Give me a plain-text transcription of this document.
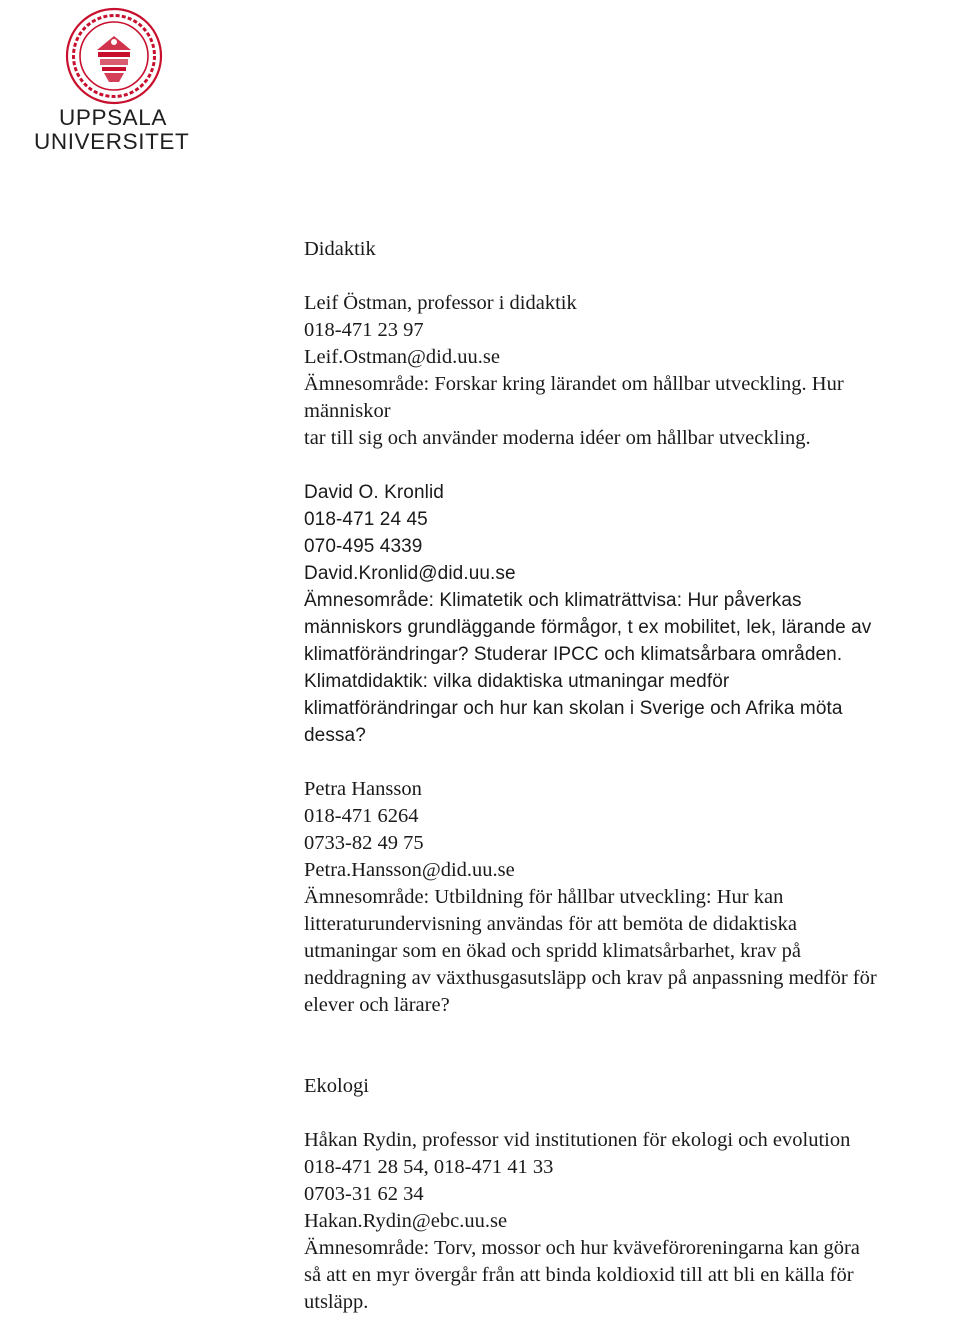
UPPSALA
UNIVERSITET
Didaktik
Leif Östman, professor i didaktik
018-471 23 97
Leif.Ostman@did.uu.se
Ämnesområde: Forskar kring lärandet om hållbar utveckling. Hur
människor
tar till sig och använder moderna idéer om hållbar utveckling.
David O. Kronlid
018-471 24 45
070-495 4339
David.Kronlid@did.uu.se
Ämnesområde: Klimatetik och klimaträttvisa: Hur påverkas
människors grundläggande förmågor, t ex mobilitet, lek, lärande av
klimatförändringar? Studerar IPCC och klimatsårbara områden.
Klimatdidaktik: vilka didaktiska utmaningar medför
klimatförändringar och hur kan skolan i Sverige och Afrika möta
dessa?
Petra Hansson
018-471 6264
0733-82 49 75
Petra.Hansson@did.uu.se
Ämnesområde: Utbildning för hållbar utveckling: Hur kan
litteraturundervisning användas för att bemöta de didaktiska
utmaningar som en ökad och spridd klimatsårbarhet, krav på
neddragning av växthusgasutsläpp och krav på anpassning medför för
elever och lärare?
Ekologi
Håkan Rydin, professor vid institutionen för ekologi och evolution
018-471 28 54, 018-471 41 33
0703-31 62 34
Hakan.Rydin@ebc.uu.se
Ämnesområde: Torv, mossor och hur kväveföroreningarna kan göra
så att en myr övergår från att binda koldioxid till att bli en källa för
utsläpp.
